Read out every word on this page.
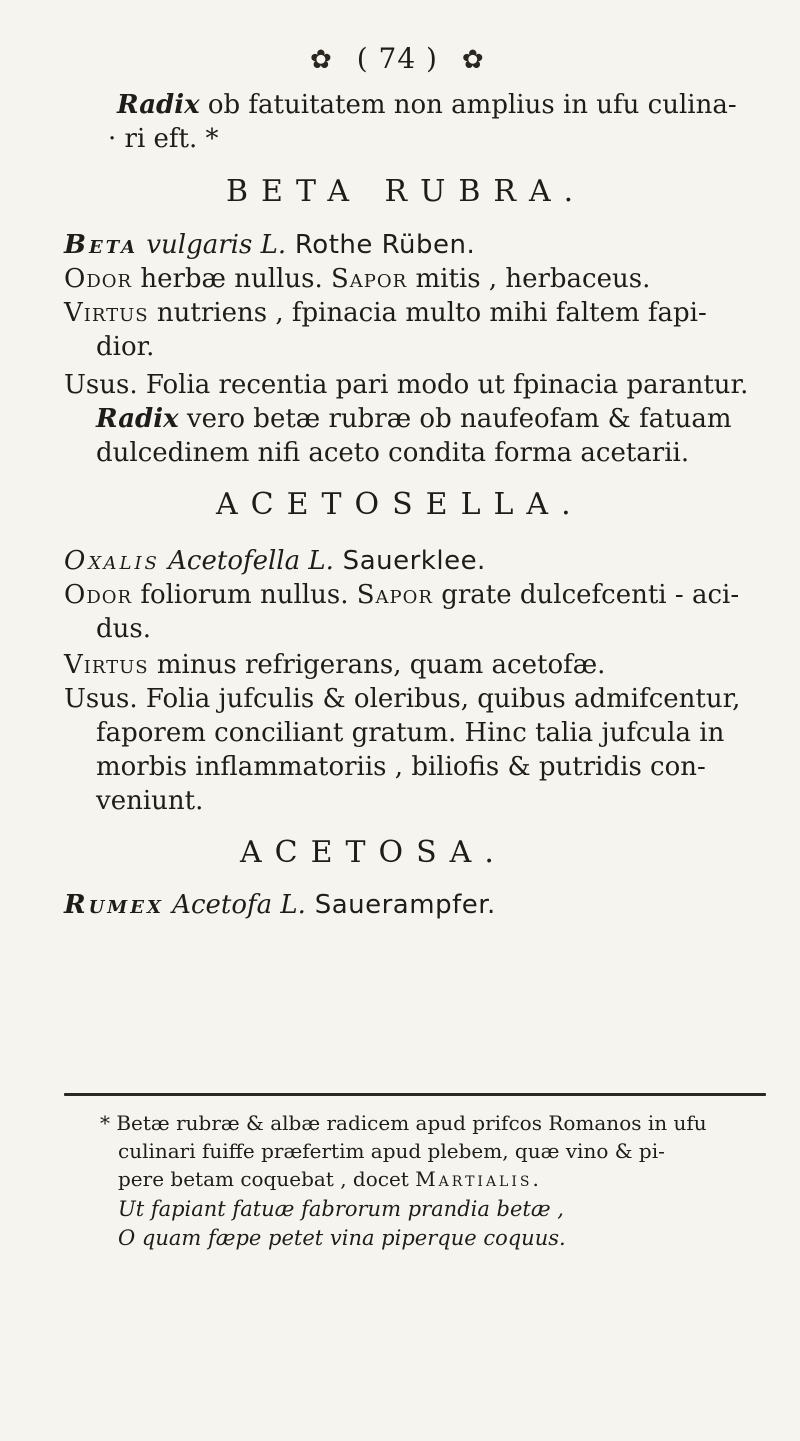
✿ ( 74 ) ✿
Radix ob fatuitatem non amplius in ufu culina-
· ri eft. *
BETA RUBRA.
Beta vulgaris L. Rothe Rüben.
Odor herbæ nullus. Sapor mitis , herbaceus.
Virtus nutriens , fpinacia multo mihi faltem fapi-
dior.
Usus. Folia recentia pari modo ut fpinacia parantur.
Radix vero betæ rubræ ob naufeofam & fatuam
dulcedinem nifi aceto condita forma acetarii.
ACETOSELLA.
Oxalis Acetofella L. Sauerklee.
Odor foliorum nullus. Sapor grate dulcefcenti - aci-
dus.
Virtus minus refrigerans, quam acetofæ.
Usus. Folia jufculis & oleribus, quibus admifcentur,
faporem conciliant gratum. Hinc talia jufcula in
morbis inflammatoriis , biliofis & putridis con-
veniunt.
ACETOSA.
Rumex Acetofa L. Sauerampfer.
* Betæ rubræ & albæ radicem apud prifcos Romanos in ufu
culinari fuiffe præfertim apud plebem, quæ vino & pi-
pere betam coquebat , docet Martialis.
Ut fapiant fatuæ fabrorum prandia betæ ,
O quam fæpe petet vina piperque coquus.
